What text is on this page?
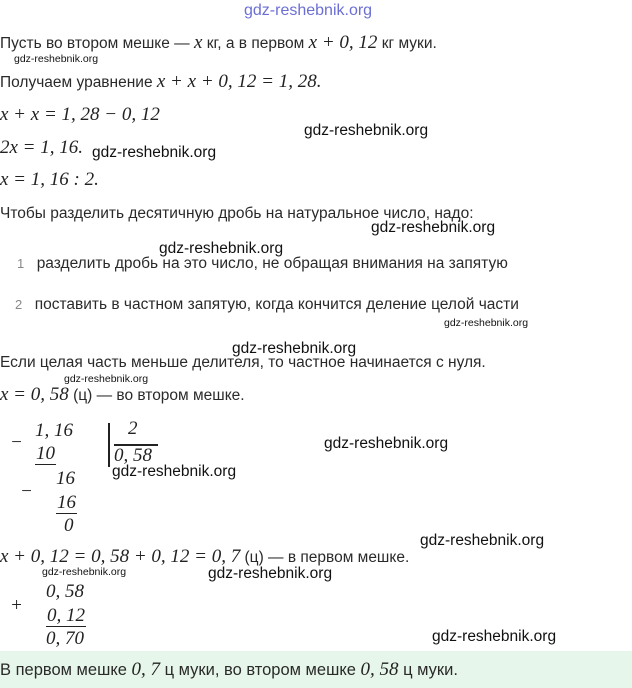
gdz-reshebnik.org
Пусть во втором мешке — x кг, а в первом x + 0, 12 кг муки.
gdz-reshebnik.org
Получаем уравнение x + x + 0, 12 = 1, 28.
x + x = 1, 28 − 0, 12
gdz-reshebnik.org
2x = 1, 16. gdz-reshebnik.org
x = 1, 16 : 2.
Чтобы разделить десятичную дробь на натуральное число, надо:
gdz-reshebnik.org
gdz-reshebnik.org
1 разделить дробь на это число, не обращая внимания на запятую
2 поставить в частном запятую, когда кончится деление целой части
gdz-reshebnik.org
gdz-reshebnik.org
Если целая часть меньше делителя, то частное начинается с нуля.
gdz-reshebnik.org
x = 0, 58 (ц) — во втором мешке.
−
1, 16
10
2
0, 58
gdz-reshebnik.org
gdz-reshebnik.org
−
16
16
0
gdz-reshebnik.org
x + 0, 12 = 0, 58 + 0, 12 = 0, 7 (ц) — в первом мешке.
gdz-reshebnik.org	gdz-reshebnik.org
+
0, 58
0, 12
0, 70	gdz-reshebnik.org
В первом мешке 0, 7 ц муки, во втором мешке 0, 58 ц муки.
